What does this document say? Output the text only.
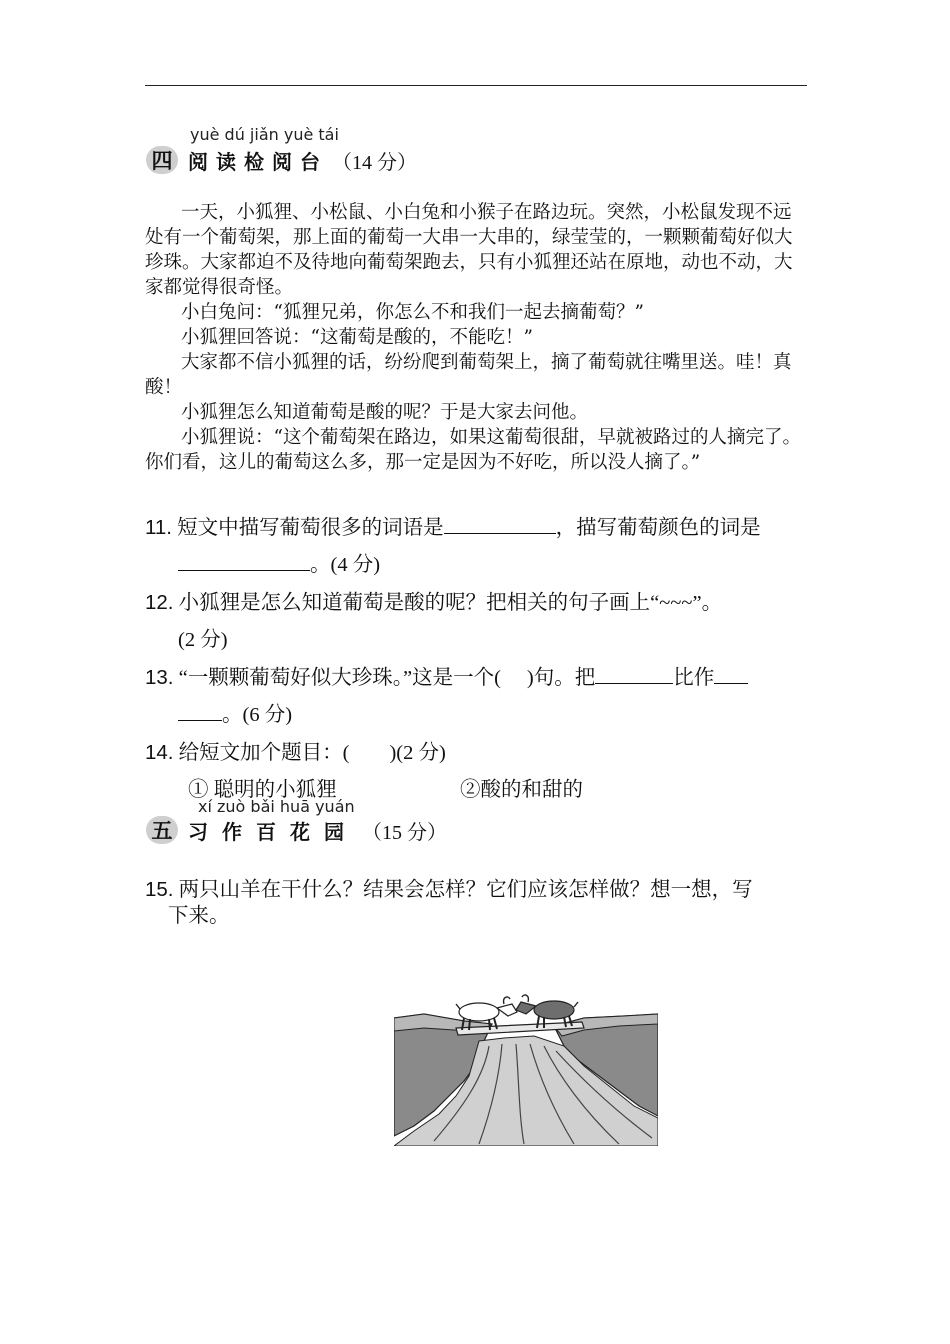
yuè dú jiǎn yuè tái
四 阅读检阅台 （14 分）
一天，小狐狸、小松鼠、小白兔和小猴子在路边玩。突然，小松鼠发现不远处有一个葡萄架，那上面的葡萄一大串一大串的，绿莹莹的，一颗颗葡萄好似大珍珠。大家都迫不及待地向葡萄架跑去，只有小狐狸还站在原地，动也不动，大家都觉得很奇怪。
小白兔问：“狐狸兄弟，你怎么不和我们一起去摘葡萄？”
小狐狸回答说：“这葡萄是酸的，不能吃！”
大家都不信小狐狸的话，纷纷爬到葡萄架上，摘了葡萄就往嘴里送。哇！真酸！
小狐狸怎么知道葡萄是酸的呢？于是大家去问他。
小狐狸说：“这个葡萄架在路边，如果这葡萄很甜，早就被路过的人摘完了。你们看，这儿的葡萄这么多，那一定是因为不好吃，所以没人摘了。”
11. 短文中描写葡萄很多的词语是	，描写葡萄颜色的词是
。(4 分)
12. 小狐狸是怎么知道葡萄是酸的呢？把相关的句子画上“~~~”。
(2 分)
13. “一颗颗葡萄好似大珍珠。”这是一个( )句。把	比作
。(6 分)
14. 给短文加个题目：( )(2 分)
① 聪明的小狐狸	②酸的和甜的
xí zuò bǎi huā yuán
五 习作百花园 （15 分）
15. 两只山羊在干什么？结果会怎样？它们应该怎样做？想一想，写
下来。
